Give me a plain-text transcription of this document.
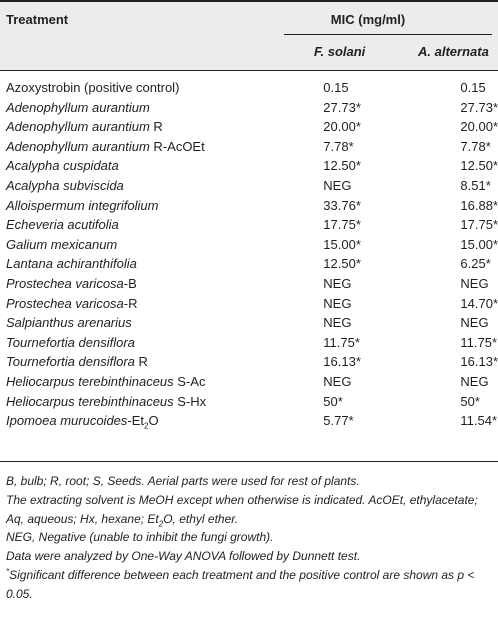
Treatment	MIC (mg/ml)
F. solani	A. alternata
Azoxystrobin (positive control)	0.15	0.15
Adenophyllum aurantium	27.73*	27.73*
Adenophyllum aurantium R	20.00*	20.00*
Adenophyllum aurantium R-AcOEt	7.78*	7.78*
Acalypha cuspidata	12.50*	12.50*
Acalypha subviscida	NEG	8.51*
Alloispermum integrifolium	33.76*	16.88*
Echeveria acutifolia	17.75*	17.75*
Galium mexicanum	15.00*	15.00*
Lantana achiranthifolia	12.50*	6.25*
Prostechea varicosa-B	NEG	NEG
Prostechea varicosa-R	NEG	14.70*
Salpianthus arenarius	NEG	NEG
Tournefortia densiflora	11.75*	11.75*
Tournefortia densiflora R	16.13*	16.13*
Heliocarpus terebinthinaceus S-Ac	NEG	NEG
Heliocarpus terebinthinaceus S-Hx	50*	50*
Ipomoea murucoides-$Et_2O$	5.77*	11.54*

B, bulb; R, root; S, Seeds. Aerial parts were used for rest of plants.

The extracting solvent is MeOH except when otherwise is indicated. AcOEt, ethylacetate; Aq, aqueous; Hx, hexane; $Et_2O$, ethyl ether.

NEG, Negative (unable to inhibit the fungi growth).

Data were analyzed by One-Way ANOVA followed by Dunnett test.

*Significant difference between each treatment and the positive control are shown as p < 0.05.
